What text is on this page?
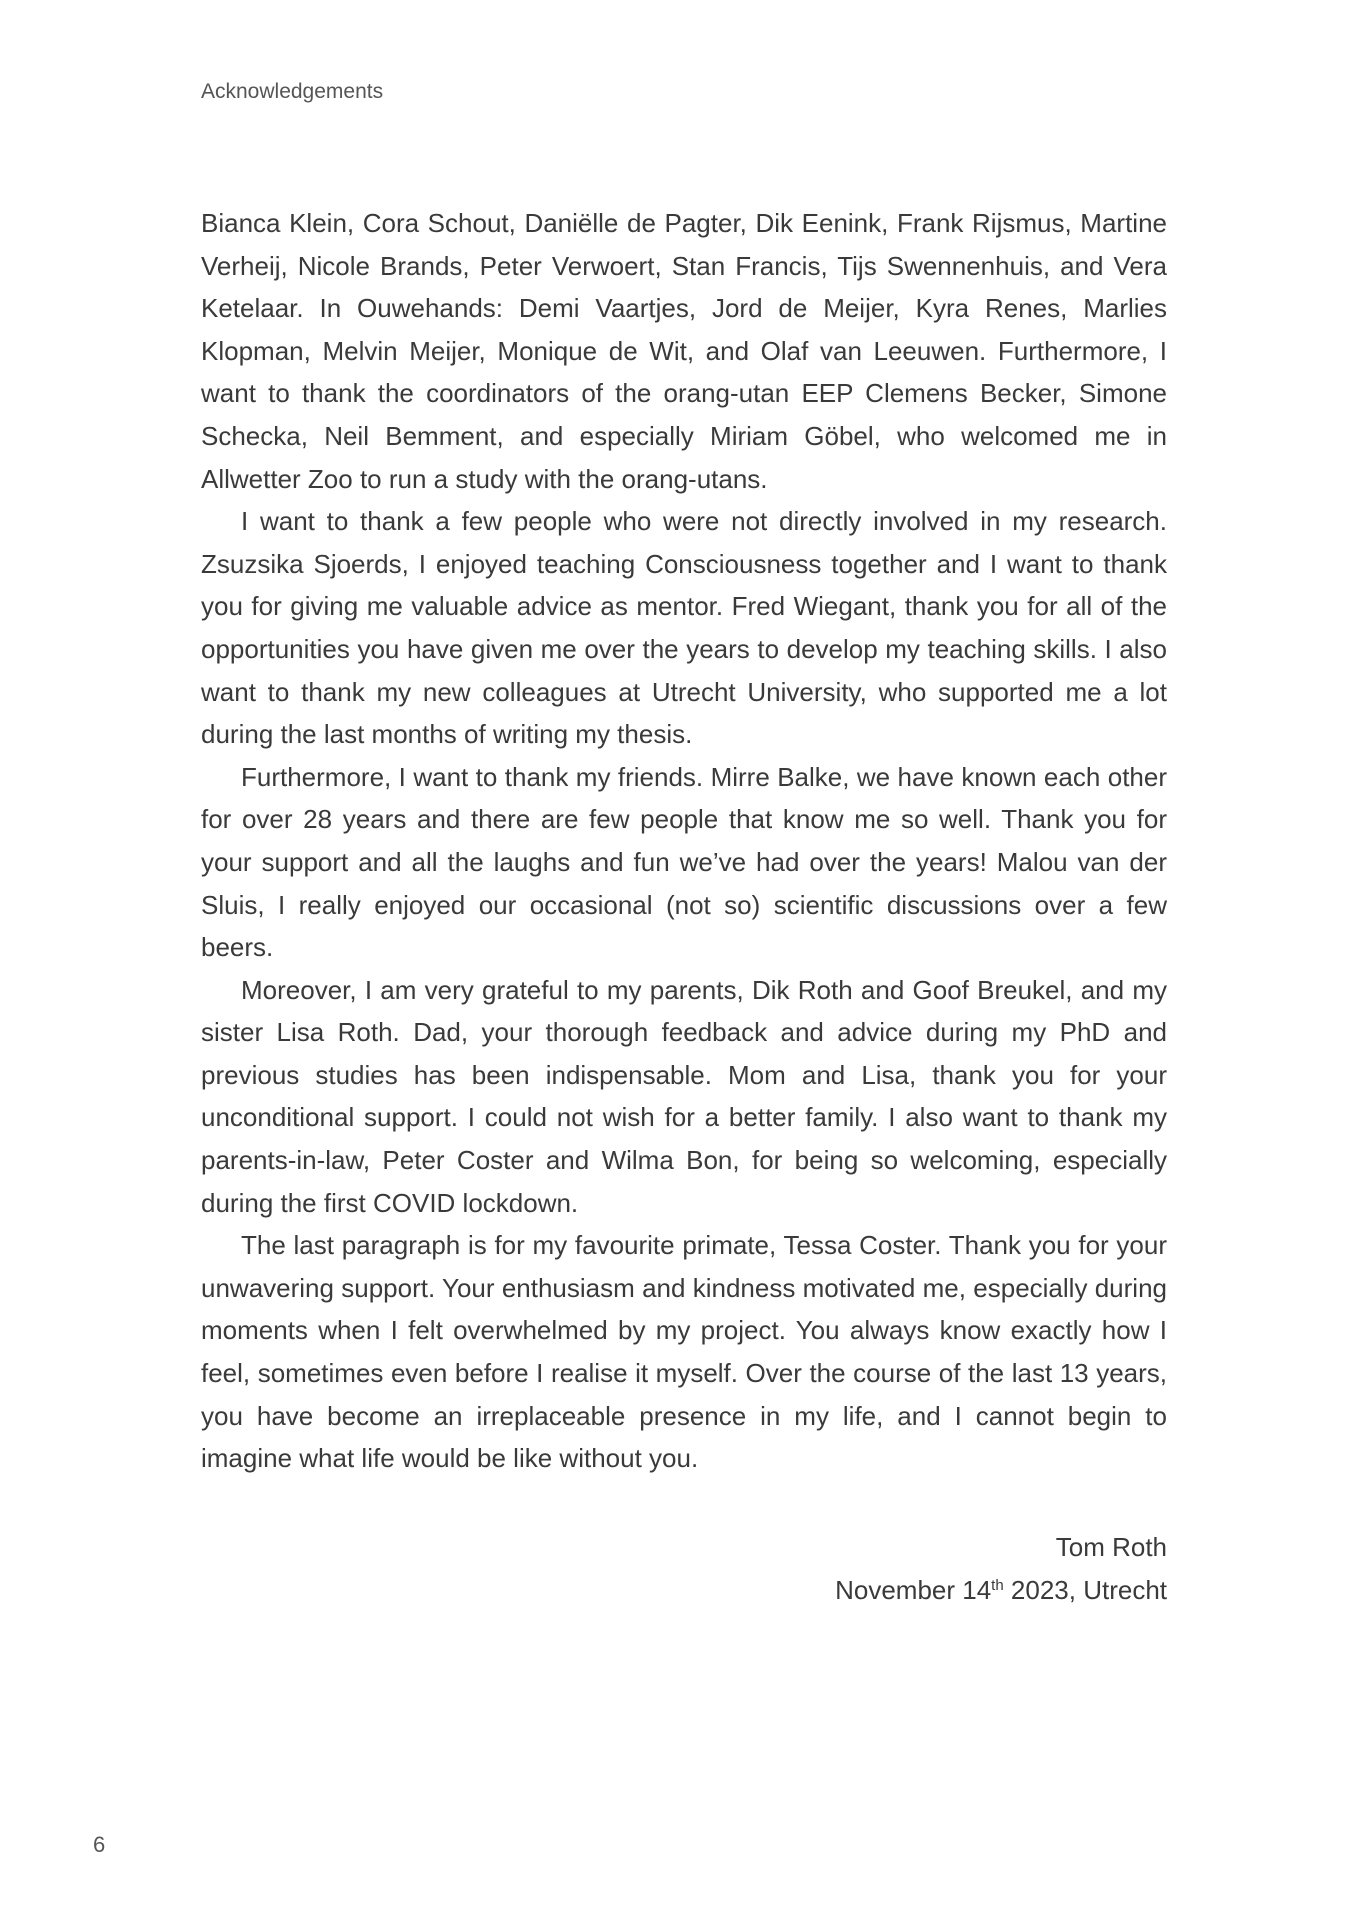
Acknowledgements

Bianca Klein, Cora Schout, Daniëlle de Pagter, Dik Eenink, Frank Rijsmus, Martine Verheij, Nicole Brands, Peter Verwoert, Stan Francis, Tijs Swennenhuis, and Vera Ketelaar. In Ouwehands: Demi Vaartjes, Jord de Meijer, Kyra Renes, Marlies Klopman, Melvin Meijer, Monique de Wit, and Olaf van Leeuwen. Furthermore, I want to thank the coordinators of the orang-utan EEP Clemens Becker, Simone Schecka, Neil Bemment, and especially Miriam Göbel, who welcomed me in Allwetter Zoo to run a study with the orang-utans.

I want to thank a few people who were not directly involved in my research. Zsuzsika Sjoerds, I enjoyed teaching Consciousness together and I want to thank you for giving me valuable advice as mentor. Fred Wiegant, thank you for all of the opportunities you have given me over the years to develop my teaching skills. I also want to thank my new colleagues at Utrecht University, who supported me a lot during the last months of writing my thesis.

Furthermore, I want to thank my friends. Mirre Balke, we have known each other for over 28 years and there are few people that know me so well. Thank you for your support and all the laughs and fun we’ve had over the years! Malou van der Sluis, I really enjoyed our occasional (not so) scientific discussions over a few beers.

Moreover, I am very grateful to my parents, Dik Roth and Goof Breukel, and my sister Lisa Roth. Dad, your thorough feedback and advice during my PhD and previous studies has been indispensable. Mom and Lisa, thank you for your unconditional support. I could not wish for a better family. I also want to thank my parents-in-law, Peter Coster and Wilma Bon, for being so welcoming, especially during the first COVID lockdown.

The last paragraph is for my favourite primate, Tessa Coster. Thank you for your unwavering support. Your enthusiasm and kindness motivated me, especially during moments when I felt overwhelmed by my project. You always know exactly how I feel, sometimes even before I realise it myself. Over the course of the last 13 years, you have become an irreplaceable presence in my life, and I cannot begin to imagine what life would be like without you.

Tom Roth
November 14th 2023, Utrecht
6
